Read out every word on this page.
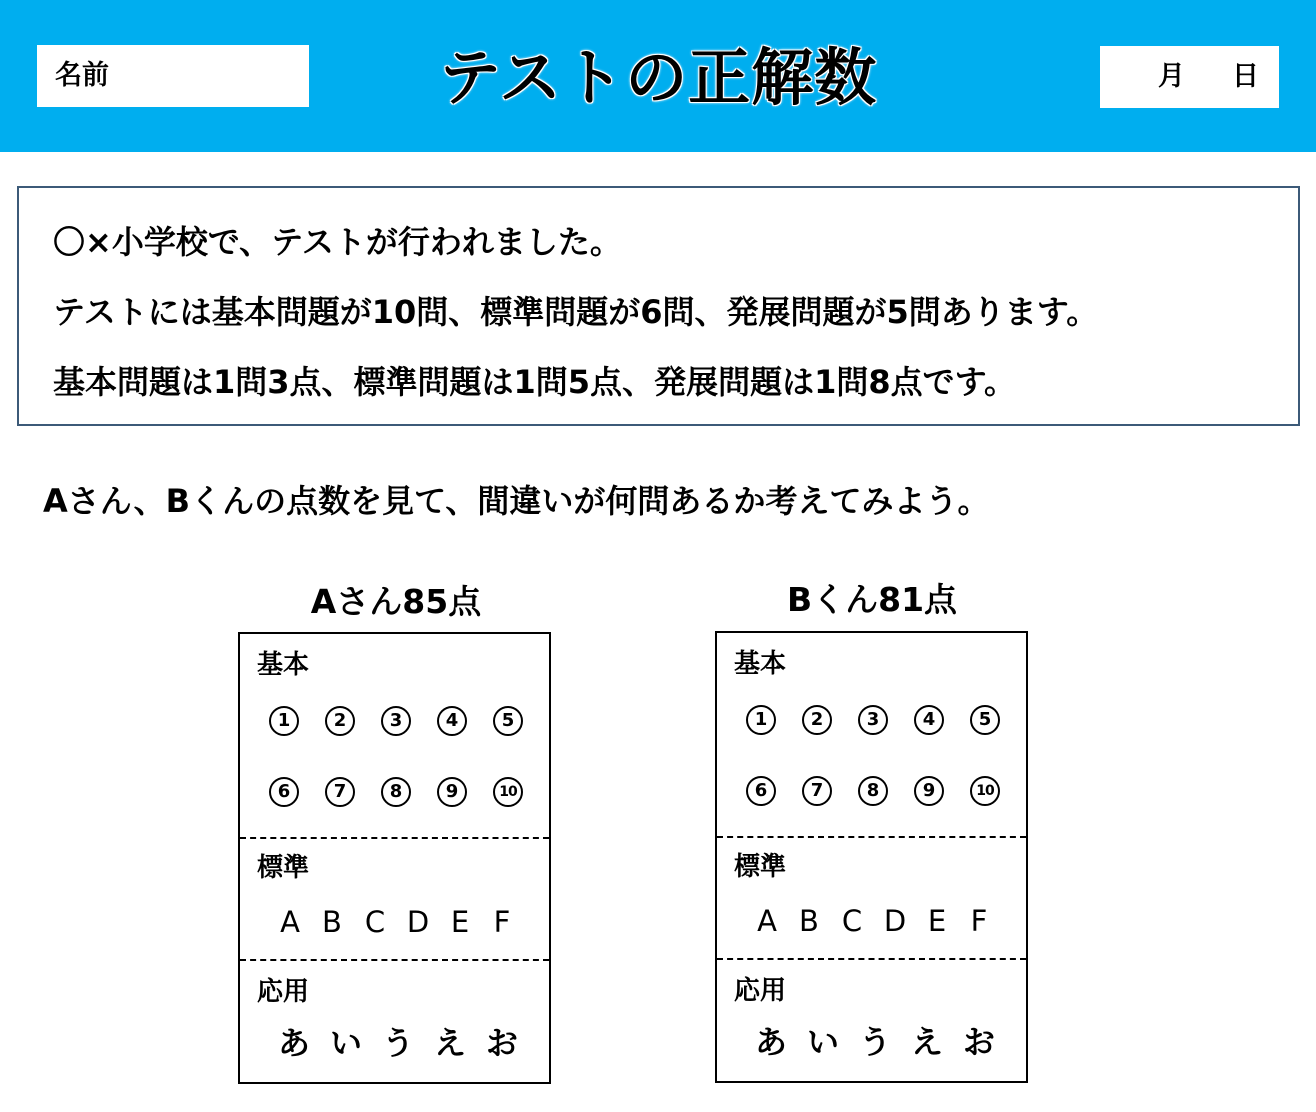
名前	テストの正解数	月 日
〇×小学校で、テストが行われました。
テストには基本問題が10問、標準問題が6問、発展問題が5問あります。
基本問題は1問3点、標準問題は1問5点、発展問題は1問8点です。
Aさん、Bくんの点数を見て、間違いが何問あるか考えてみよう。
Aさん85点
基本
1	2	3	4	5
6	7	8	9	10
標準
A B C D E F
応用
あ い う え お
Bくん81点
基本
1	2	3	4	5
6	7	8	9	10
標準
A B C D E F
応用
あ い う え お
